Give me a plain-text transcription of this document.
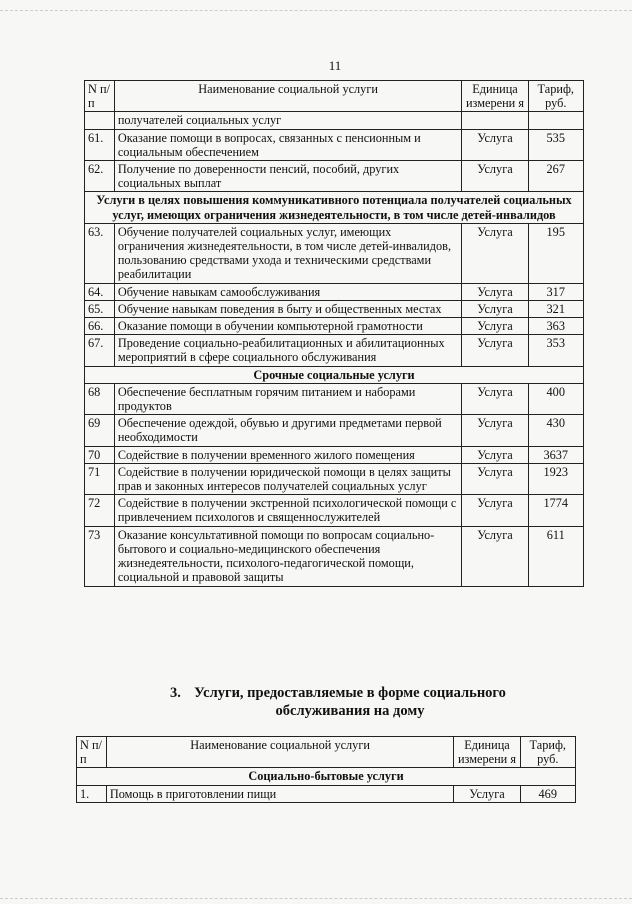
11
N п/п	Наименование социальной услуги	Единица измерени я	Тариф, руб.
	получателей социальных услуг		
61.	Оказание помощи в вопросах, связанных с пенсионным и социальным обеспечением	Услуга	535
62.	Получение по доверенности пенсий, пособий, других социальных выплат	Услуга	267
Услуги в целях повышения коммуникативного потенциала получателей социальных услуг, имеющих ограничения жизнедеятельности, в том числе детей-инвалидов			
63.	Обучение получателей социальных услуг, имеющих ограничения жизнедеятельности, в том числе детей-инвалидов, пользованию средствами ухода и техническими средствами реабилитации	Услуга	195
64.	Обучение навыкам самообслуживания	Услуга	317
65.	Обучение навыкам поведения в быту и общественных местах	Услуга	321
66.	Оказание помощи в обучении компьютерной грамотности	Услуга	363
67.	Проведение социально-реабилитационных и абилитационных мероприятий в сфере социального обслуживания	Услуга	353
Срочные социальные услуги			
68	Обеспечение бесплатным горячим питанием и наборами продуктов	Услуга	400
69	Обеспечение одеждой, обувью и другими предметами первой необходимости	Услуга	430
70	Содействие в получении временного жилого помещения	Услуга	3637
71	Содействие в получении юридической помощи в целях защиты прав и законных интересов получателей социальных услуг	Услуга	1923
72	Содействие в получении экстренной психологической помощи с привлечением психологов и священнослужителей	Услуга	1774
73	Оказание консультативной помощи по вопросам социально-бытового и социально-медицинского обеспечения жизнедеятельности, психолого-педагогической помощи, социальной и правовой защиты	Услуга	611
3. Услуги, предоставляемые в форме социального обслуживания на дому
N п/п	Наименование социальной услуги	Единица измерени я	Тариф, руб.
Социально-бытовые услуги			
1.	Помощь в приготовлении пищи	Услуга	469
